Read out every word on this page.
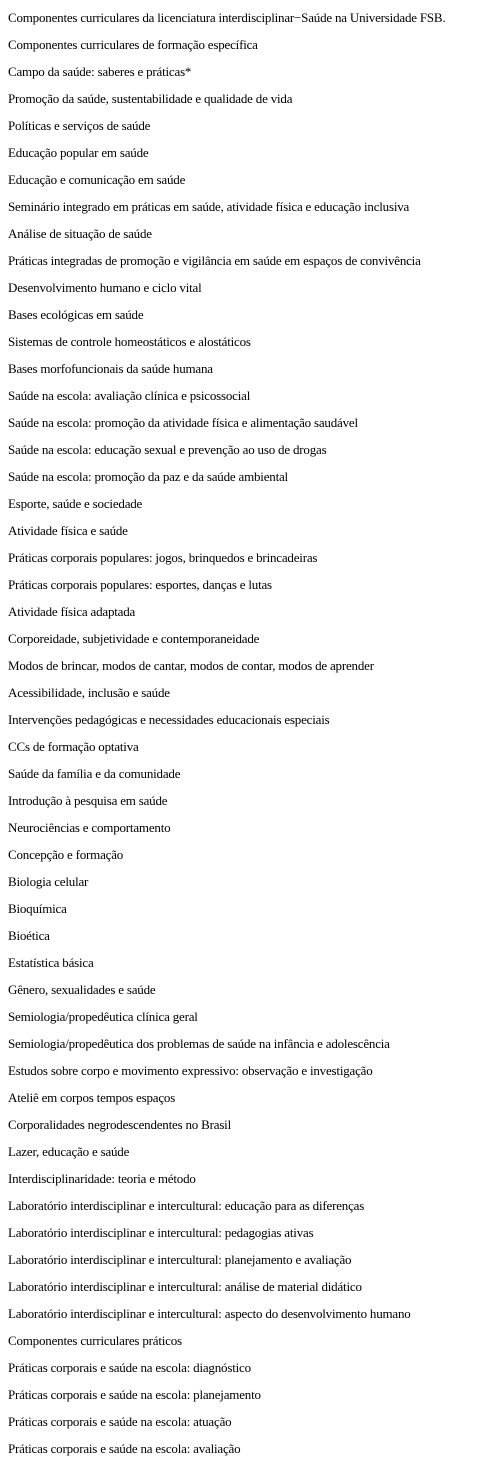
Componentes curriculares da licenciatura interdisciplinar−Saúde na Universidade FSB.
Componentes curriculares de formação específica
Campo da saúde: saberes e práticas*
Promoção da saúde, sustentabilidade e qualidade de vida
Políticas e serviços de saúde
Educação popular em saúde
Educação e comunicação em saúde
Seminário integrado em práticas em saúde, atividade física e educação inclusiva
Análise de situação de saúde
Práticas integradas de promoção e vigilância em saúde em espaços de convivência
Desenvolvimento humano e ciclo vital
Bases ecológicas em saúde
Sistemas de controle homeostáticos e alostáticos
Bases morfofuncionais da saúde humana
Saúde na escola: avaliação clínica e psicossocial
Saúde na escola: promoção da atividade física e alimentação saudável
Saúde na escola: educação sexual e prevenção ao uso de drogas
Saúde na escola: promoção da paz e da saúde ambiental
Esporte, saúde e sociedade
Atividade física e saúde
Práticas corporais populares: jogos, brinquedos e brincadeiras
Práticas corporais populares: esportes, danças e lutas
Atividade física adaptada
Corporeidade, subjetividade e contemporaneidade
Modos de brincar, modos de cantar, modos de contar, modos de aprender
Acessibilidade, inclusão e saúde
Intervenções pedagógicas e necessidades educacionais especiais
CCs de formação optativa
Saúde da família e da comunidade
Introdução à pesquisa em saúde
Neurociências e comportamento
Concepção e formação
Biologia celular
Bioquímica
Bioética
Estatística básica
Gênero, sexualidades e saúde
Semiologia/propedêutica clínica geral
Semiologia/propedêutica dos problemas de saúde na infância e adolescência
Estudos sobre corpo e movimento expressivo: observação e investigação
Ateliê em corpos tempos espaços
Corporalidades negrodescendentes no Brasil
Lazer, educação e saúde
Interdisciplinaridade: teoria e método
Laboratório interdisciplinar e intercultural: educação para as diferenças
Laboratório interdisciplinar e intercultural: pedagogias ativas
Laboratório interdisciplinar e intercultural: planejamento e avaliação
Laboratório interdisciplinar e intercultural: análise de material didático
Laboratório interdisciplinar e intercultural: aspecto do desenvolvimento humano
Componentes curriculares práticos
Práticas corporais e saúde na escola: diagnóstico
Práticas corporais e saúde na escola: planejamento
Práticas corporais e saúde na escola: atuação
Práticas corporais e saúde na escola: avaliação
